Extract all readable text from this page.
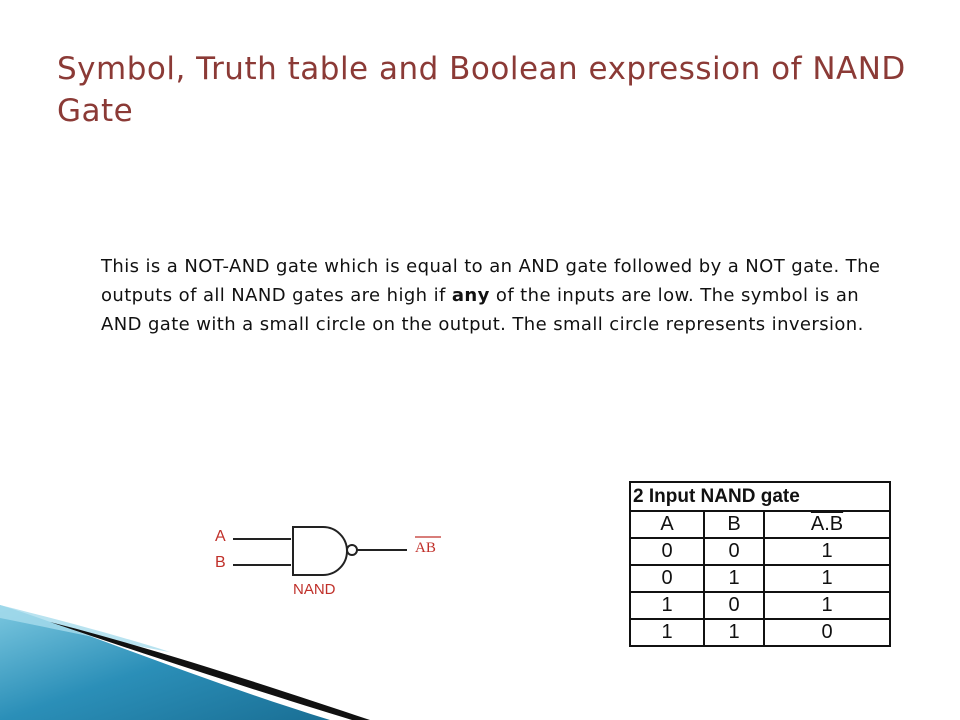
Symbol, Truth table and Boolean expression of NAND Gate
This is a NOT-AND gate which is equal to an AND gate followed by a NOT gate. The outputs of all NAND gates are high if any of the inputs are low. The symbol is an AND gate with a small circle on the output. The small circle represents inversion.
A
B
AB
NAND
2 Input NAND gate		
A	B	A.B
0	0	1
0	1	1
1	0	1
1	1	0
